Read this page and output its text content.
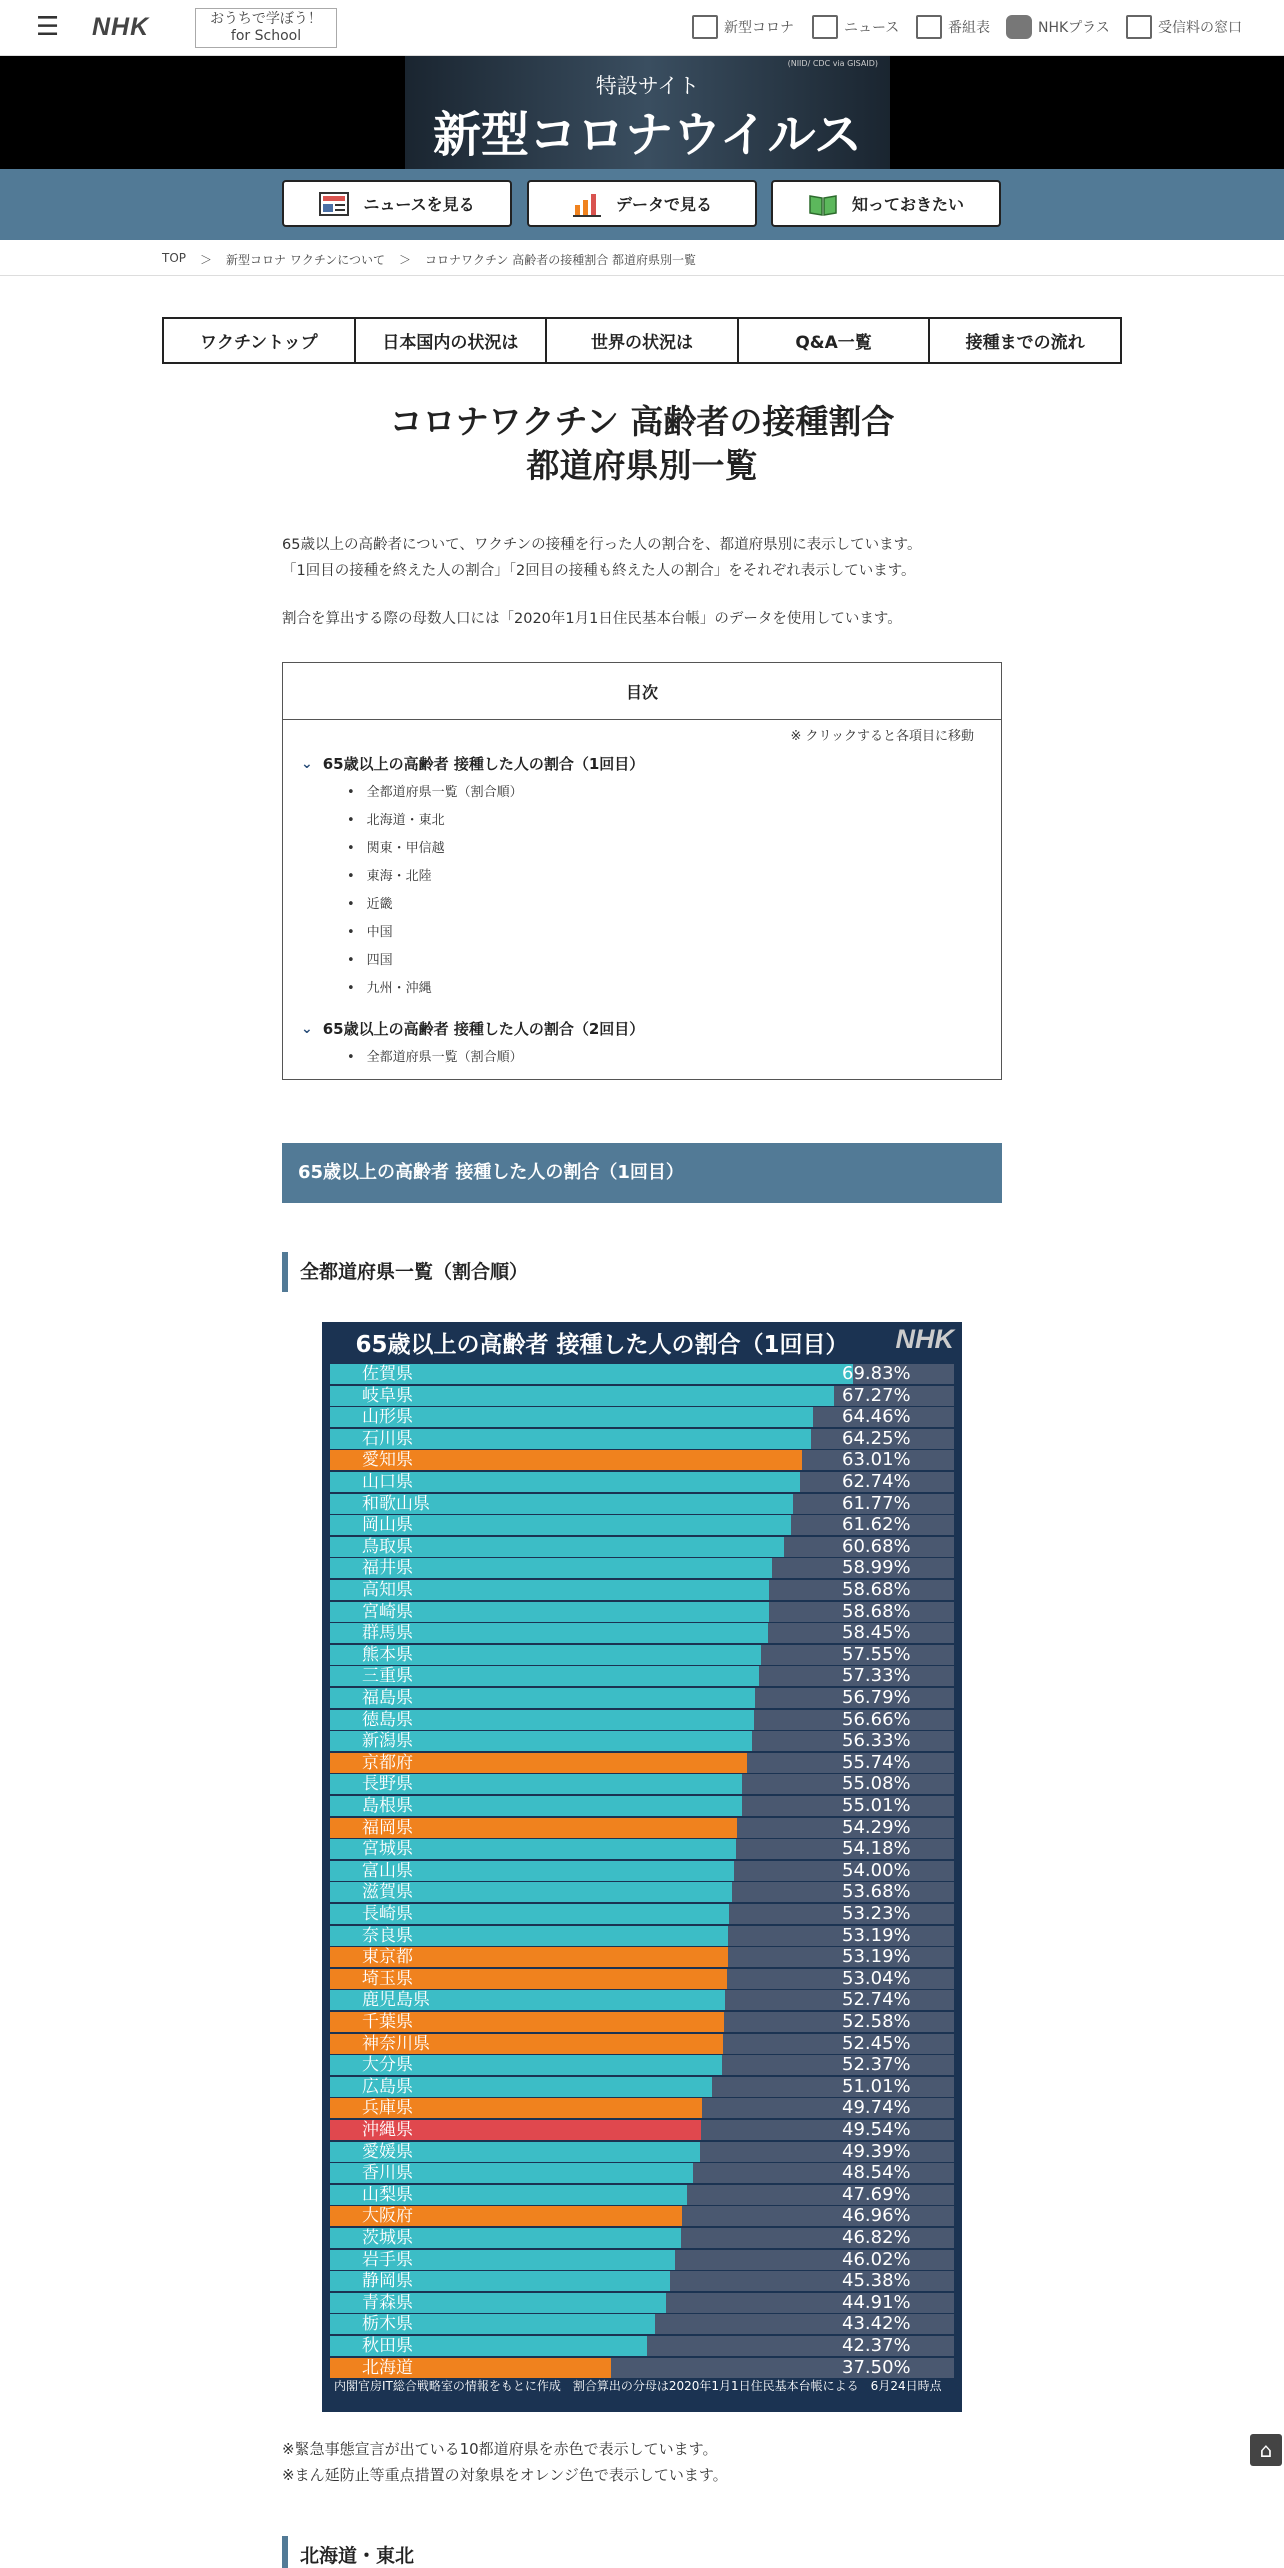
☰ NHK	おうちで学ぼう！
for School	新型コロナ	ニュース	番組表	NHKプラス	受信料の窓口
(NIID/ CDC via GISAID)
特設サイト
新型コロナウイルス
ニュースを見る	データで見る	知っておきたい
TOP ＞ 新型コロナ ワクチンについて ＞ コロナワクチン 高齢者の接種割合 都道府県別一覧
ワクチントップ	日本国内の状況は	世界の状況は	Q&A一覧	接種までの流れ
コロナワクチン 高齢者の接種割合
都道府県別一覧
65歳以上の高齢者について、ワクチンの接種を行った人の割合を、都道府県別に表示しています。
「1回目の接種を終えた人の割合」「2回目の接種も終えた人の割合」をそれぞれ表示しています。
割合を算出する際の母数人口には「2020年1月1日住民基本台帳」のデータを使用しています。
目次
※ クリックすると各項目に移動
⌄ 65歳以上の高齢者 接種した人の割合（1回目）
• 全都道府県一覧（割合順）
• 北海道・東北
• 関東・甲信越
• 東海・北陸
• 近畿
• 中国
• 四国
• 九州・沖縄
⌄ 65歳以上の高齢者 接種した人の割合（2回目）
• 全都道府県一覧（割合順）
65歳以上の高齢者 接種した人の割合（1回目）
全都道府県一覧（割合順）
65歳以上の高齢者 接種した人の割合（1回目）	NHK
佐賀県	69.83%
岐阜県	67.27%
山形県	64.46%
石川県	64.25%
愛知県	63.01%
山口県	62.74%
和歌山県	61.77%
岡山県	61.62%
鳥取県	60.68%
福井県	58.99%
高知県	58.68%
宮崎県	58.68%
群馬県	58.45%
熊本県	57.55%
三重県	57.33%
福島県	56.79%
徳島県	56.66%
新潟県	56.33%
京都府	55.74%
長野県	55.08%
島根県	55.01%
福岡県	54.29%
宮城県	54.18%
富山県	54.00%
滋賀県	53.68%
長崎県	53.23%
奈良県	53.19%
東京都	53.19%
埼玉県	53.04%
鹿児島県	52.74%
千葉県	52.58%
神奈川県	52.45%
大分県	52.37%
広島県	51.01%
兵庫県	49.74%
沖縄県	49.54%
愛媛県	49.39%
香川県	48.54%
山梨県	47.69%
大阪府	46.96%
茨城県	46.82%
岩手県	46.02%
静岡県	45.38%
青森県	44.91%
栃木県	43.42%
秋田県	42.37%
北海道	37.50%
内閣官房IT総合戦略室の情報をもとに作成　割合算出の分母は2020年1月1日住民基本台帳による　6月24日時点
※緊急事態宣言が出ている10都道府県を赤色で表示しています。
※まん延防止等重点措置の対象県をオレンジ色で表示しています。
北海道・東北
⌂
